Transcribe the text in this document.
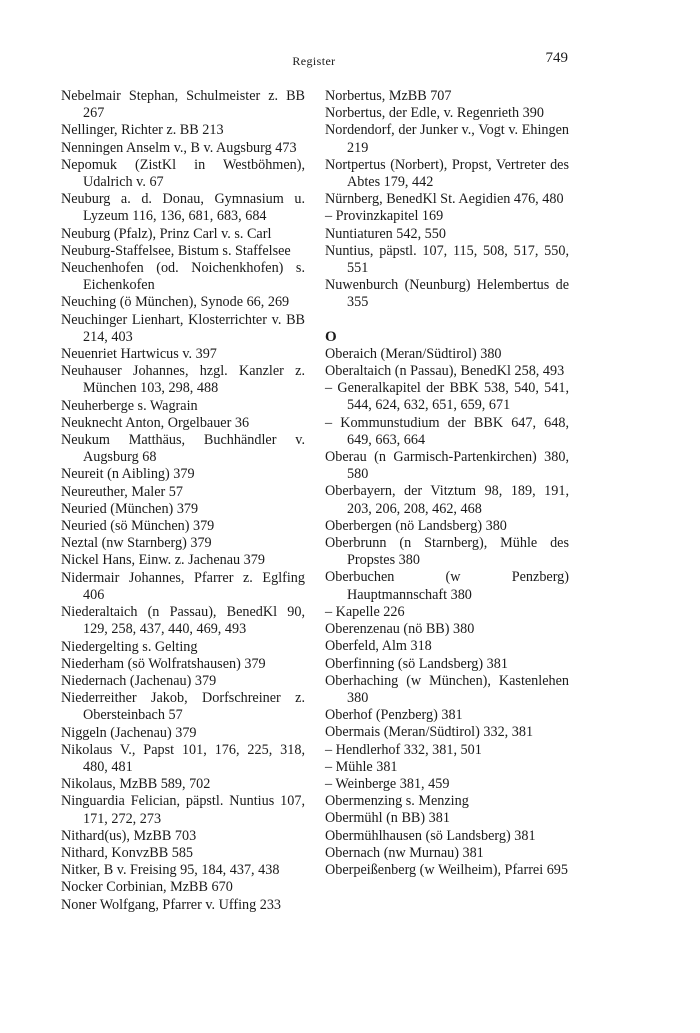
Register	749

Nebelmair Stephan, Schulmeister z. BB 267

Nellinger, Richter z. BB 213

Nenningen Anselm v., B v. Augsburg 473

Nepomuk (ZistKl in Westböhmen), Udalrich v. 67

Neuburg a. d. Donau, Gymnasium u. Lyzeum 116, 136, 681, 683, 684

Neuburg (Pfalz), Prinz Carl v. s. Carl

Neuburg-Staffelsee, Bistum s. Staffelsee

Neuchenhofen (od. Noichenkhofen) s. Eichenkofen

Neuching (ö München), Synode 66, 269

Neuchinger Lienhart, Klosterrichter v. BB 214, 403

Neuenriet Hartwicus v. 397

Neuhauser Johannes, hzgl. Kanzler z. München 103, 298, 488

Neuherberge s. Wagrain

Neuknecht Anton, Orgelbauer 36

Neukum Matthäus, Buchhändler v. Augsburg 68

Neureit (n Aibling) 379

Neureuther, Maler 57

Neuried (München) 379

Neuried (sö München) 379

Neztal (nw Starnberg) 379

Nickel Hans, Einw. z. Jachenau 379

Nidermair Johannes, Pfarrer z. Eglfing 406

Niederaltaich (n Passau), BenedKl 90, 129, 258, 437, 440, 469, 493

Niedergelting s. Gelting

Niederham (sö Wolfratshausen) 379

Niedernach (Jachenau) 379

Niederreither Jakob, Dorfschreiner z. Obersteinbach 57

Niggeln (Jachenau) 379

Nikolaus V., Papst 101, 176, 225, 318, 480, 481

Nikolaus, MzBB 589, 702

Ninguardia Felician, päpstl. Nuntius 107, 171, 272, 273

Nithard(us), MzBB 703

Nithard, KonvzBB 585

Nitker, B v. Freising 95, 184, 437, 438

Nocker Corbinian, MzBB 670

Noner Wolfgang, Pfarrer v. Uffing 233

Norbertus, MzBB 707

Norbertus, der Edle, v. Regenrieth 390

Nordendorf, der Junker v., Vogt v. Ehingen 219

Nortpertus (Norbert), Propst, Vertreter des Abtes 179, 442

Nürnberg, BenedKl St. Aegidien 476, 480

– Provinzkapitel 169

Nuntiaturen 542, 550

Nuntius, päpstl. 107, 115, 508, 517, 550, 551

Nuwenburch (Neunburg) Helembertus de 355

O

Oberaich (Meran/Südtirol) 380

Oberaltaich (n Passau), BenedKl 258, 493

– Generalkapitel der BBK 538, 540, 541, 544, 624, 632, 651, 659, 671

– Kommunstudium der BBK 647, 648, 649, 663, 664

Oberau (n Garmisch-Partenkirchen) 380, 580

Oberbayern, der Vitztum 98, 189, 191, 203, 206, 208, 462, 468

Oberbergen (nö Landsberg) 380

Oberbrunn (n Starnberg), Mühle des Propstes 380

Oberbuchen (w Penzberg) Hauptmannschaft 380

– Kapelle 226

Oberenzenau (nö BB) 380

Oberfeld, Alm 318

Oberfinning (sö Landsberg) 381

Oberhaching (w München), Kastenlehen 380

Oberhof (Penzberg) 381

Obermais (Meran/Südtirol) 332, 381

– Hendlerhof 332, 381, 501

– Mühle 381

– Weinberge 381, 459

Obermenzing s. Menzing

Obermühl (n BB) 381

Obermühlhausen (sö Landsberg) 381

Obernach (nw Murnau) 381

Oberpeißenberg (w Weilheim), Pfarrei 695
